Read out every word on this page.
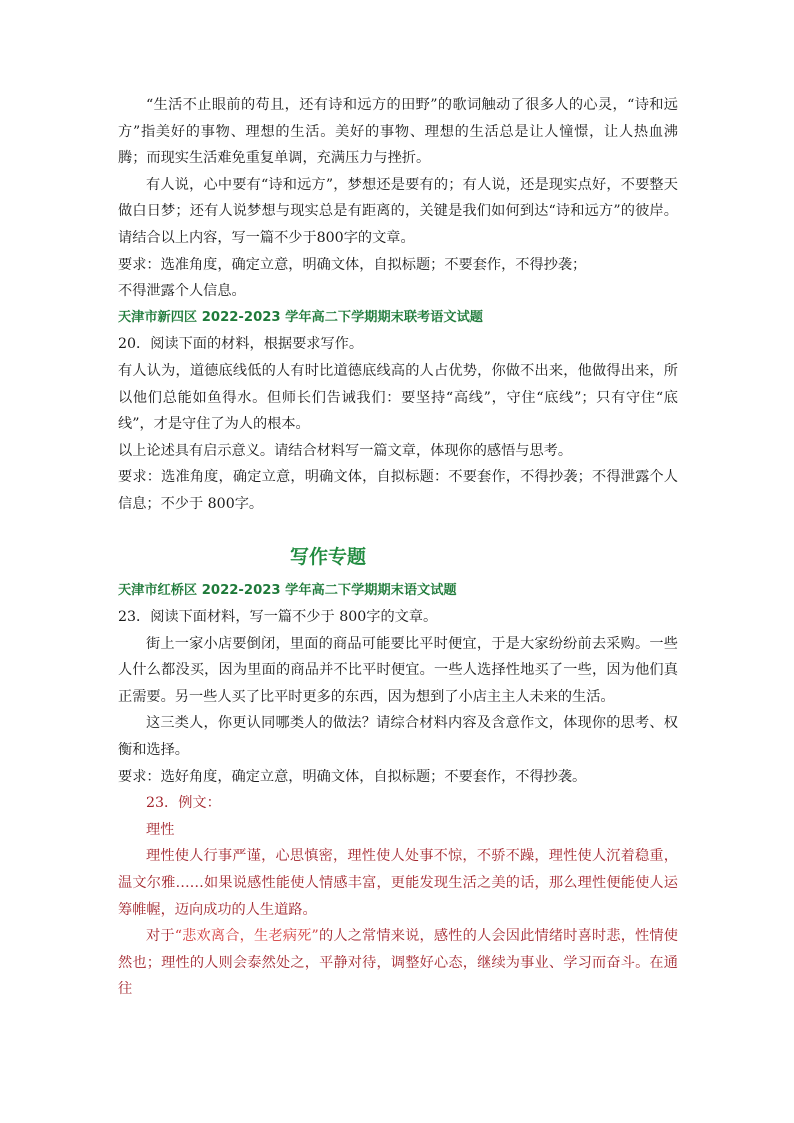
“生活不止眼前的苟且，还有诗和远方的田野”的歌词触动了很多人的心灵，“诗和远方”指美好的事物、理想的生活。美好的事物、理想的生活总是让人憧憬，让人热血沸腾；而现实生活难免重复单调，充满压力与挫折。

有人说，心中要有“诗和远方”，梦想还是要有的；有人说，还是现实点好，不要整天做白日梦；还有人说梦想与现实总是有距离的，关键是我们如何到达“诗和远方”的彼岸。请结合以上内容，写一篇不少于800字的文章。

要求：选准角度，确定立意，明确文体，自拟标题；不要套作，不得抄袭；

不得泄露个人信息。

天津市新四区 2022-2023 学年高二下学期期末联考语文试题

20．阅读下面的材料，根据要求写作。

有人认为，道德底线低的人有时比道德底线高的人占优势，你做不出来，他做得出来，所以他们总能如鱼得水。但师长们告诫我们：要坚持“高线”，守住“底线”；只有守住“底线”，才是守住了为人的根本。

以上论述具有启示意义。请结合材料写一篇文章，体现你的感悟与思考。

要求：选准角度，确定立意，明确文体，自拟标题：不要套作，不得抄袭；不得泄露个人信息；不少于 800字。

写作专题

天津市红桥区 2022-2023 学年高二下学期期末语文试题

23．阅读下面材料，写一篇不少于 800字的文章。

街上一家小店要倒闭，里面的商品可能要比平时便宜，于是大家纷纷前去采购。一些人什么都没买，因为里面的商品并不比平时便宜。一些人选择性地买了一些，因为他们真正需要。另一些人买了比平时更多的东西，因为想到了小店主主人未来的生活。

这三类人，你更认同哪类人的做法？请综合材料内容及含意作文，体现你的思考、权衡和选择。

要求：选好角度，确定立意，明确文体，自拟标题；不要套作，不得抄袭。

23．例文：

理性

理性使人行事严谨，心思慎密，理性使人处事不惊，不骄不躁，理性使人沉着稳重，温文尔雅……如果说感性能使人情感丰富，更能发现生活之美的话，那么理性便能使人运筹帷幄，迈向成功的人生道路。

对于“悲欢离合，生老病死”的人之常情来说，感性的人会因此情绪时喜时悲，性情使然也；理性的人则会泰然处之，平静对待，调整好心态，继续为事业、学习而奋斗。在通往
